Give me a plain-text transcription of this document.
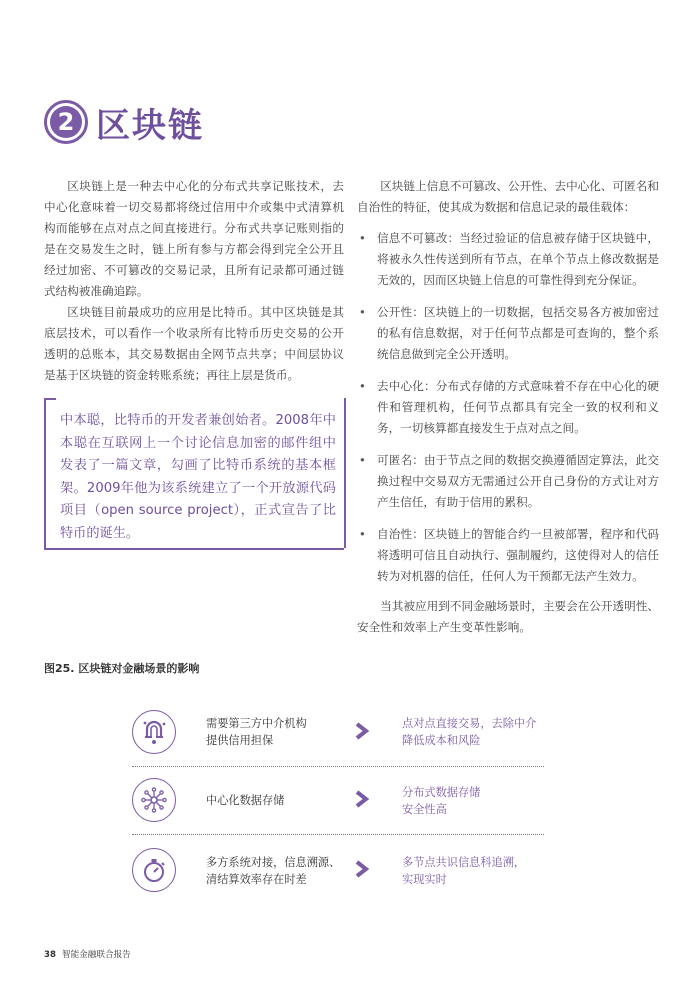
2 区块链

区块链上是一种去中心化的分布式共享记账技术，去中心化意味着一切交易都将绕过信用中介或集中式清算机构而能够在点对点之间直接进行。分布式共享记账则指的是在交易发生之时，链上所有参与方都会得到完全公开且经过加密、不可篡改的交易记录，且所有记录都可通过链式结构被准确追踪。

区块链目前最成功的应用是比特币。其中区块链是其底层技术，可以看作一个收录所有比特币历史交易的公开透明的总账本，其交易数据由全网节点共享；中间层协议是基于区块链的资金转账系统；再往上层是货币。

中本聪，比特币的开发者兼创始者。2008年中本聪在互联网上一个讨论信息加密的邮件组中发表了一篇文章，勾画了比特币系统的基本框架。2009年他为该系统建立了一个开放源代码项目（open source project），正式宣告了比特币的诞生。

区块链上信息不可篡改、公开性、去中心化、可匿名和自治性的特征，使其成为数据和信息记录的最佳载体：

• 信息不可篡改：当经过验证的信息被存储于区块链中，将被永久性传送到所有节点，在单个节点上修改数据是无效的，因而区块链上信息的可靠性得到充分保证。
• 公开性：区块链上的一切数据，包括交易各方被加密过的私有信息数据，对于任何节点都是可查询的，整个系统信息做到完全公开透明。
• 去中心化：分布式存储的方式意味着不存在中心化的硬件和管理机构，任何节点都具有完全一致的权利和义务，一切核算都直接发生于点对点之间。
• 可匿名：由于节点之间的数据交换遵循固定算法，此交换过程中交易双方无需通过公开自己身份的方式让对方产生信任，有助于信用的累积。
• 自治性：区块链上的智能合约一旦被部署，程序和代码将透明可信且自动执行、强制履约，这使得对人的信任转为对机器的信任，任何人为干预都无法产生效力。

当其被应用到不同金融场景时，主要会在公开透明性、安全性和效率上产生变革性影响。

图25. 区块链对金融场景的影响
需要第三方中介机构
提供信用担保
点对点直接交易，去除中介
降低成本和风险
中心化数据存储
分布式数据存储
安全性高
多方系统对接，信息溯源、
清结算效率存在时差
多节点共识信息科追溯，
实现实时
38 智能金融联合报告
